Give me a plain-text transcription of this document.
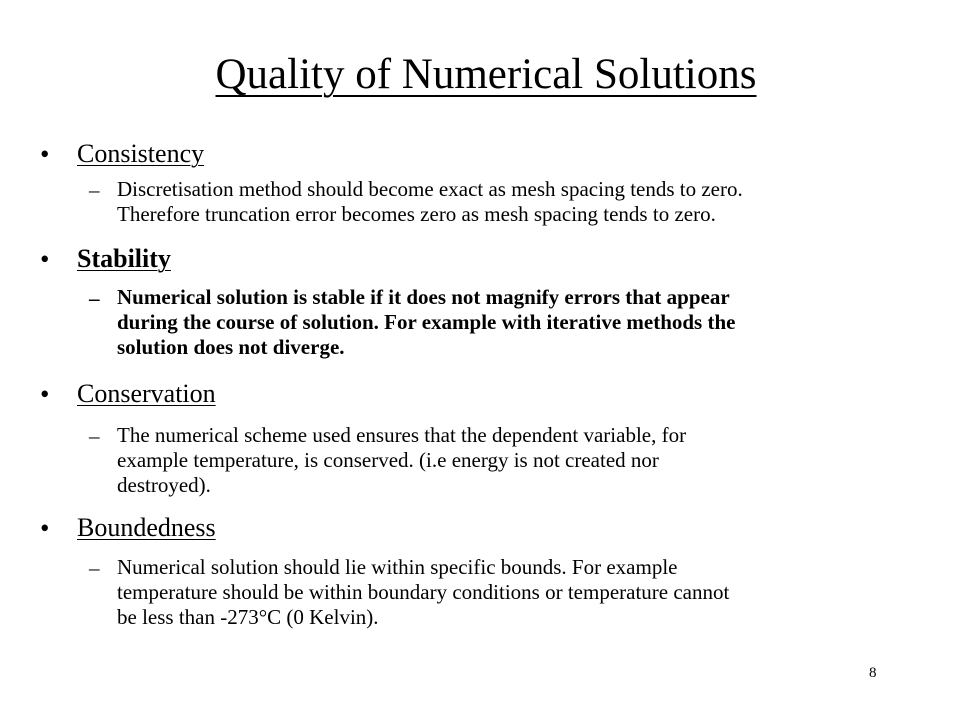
Quality of Numerical Solutions
• Consistency
– Discretisation method should become exact as mesh spacing tends to zero.
Therefore truncation error becomes zero as mesh spacing tends to zero.
• Stability
– Numerical solution is stable if it does not magnify errors that appear
during the course of solution. For example with iterative methods the
solution does not diverge.
• Conservation
– The numerical scheme used ensures that the dependent variable, for
example temperature, is conserved. (i.e energy is not created nor
destroyed).
• Boundedness
– Numerical solution should lie within specific bounds. For example
temperature should be within boundary conditions or temperature cannot
be less than -273°C (0 Kelvin).
8
